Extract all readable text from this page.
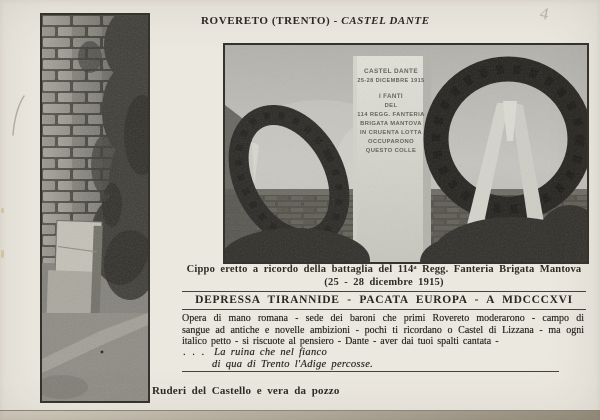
4
ROVERETO (TRENTO) - CASTEL DANTE
CASTEL DANTE
25-28 DICEMBRE 1915
I FANTI
DEL
114 REGG. FANTERIA
BRIGATA MANTOVA
IN CRUENTA LOTTA
OCCUPARONO
QUESTO COLLE
Cippo eretto a ricordo della battaglia del 114ᵃ Regg. Fanteria Brigata Mantova
(25 - 28 dicembre 1915)
DEPRESSA TIRANNIDE - PACATA EUROPA - A MDCCCXVI
Opera di mano romana - sede dei baroni che primi Rovereto moderarono - campo di
sangue ad antiche e novelle ambizioni - pochi ti ricordano o Castel di Lizzana - ma ogni
italico petto - si riscuote al pensiero - Dante - aver dai tuoi spalti cantata -
. . . La ruina che nel fianco
di qua di Trento l'Adige percosse.
Ruderi del Castello e vera da pozzo
